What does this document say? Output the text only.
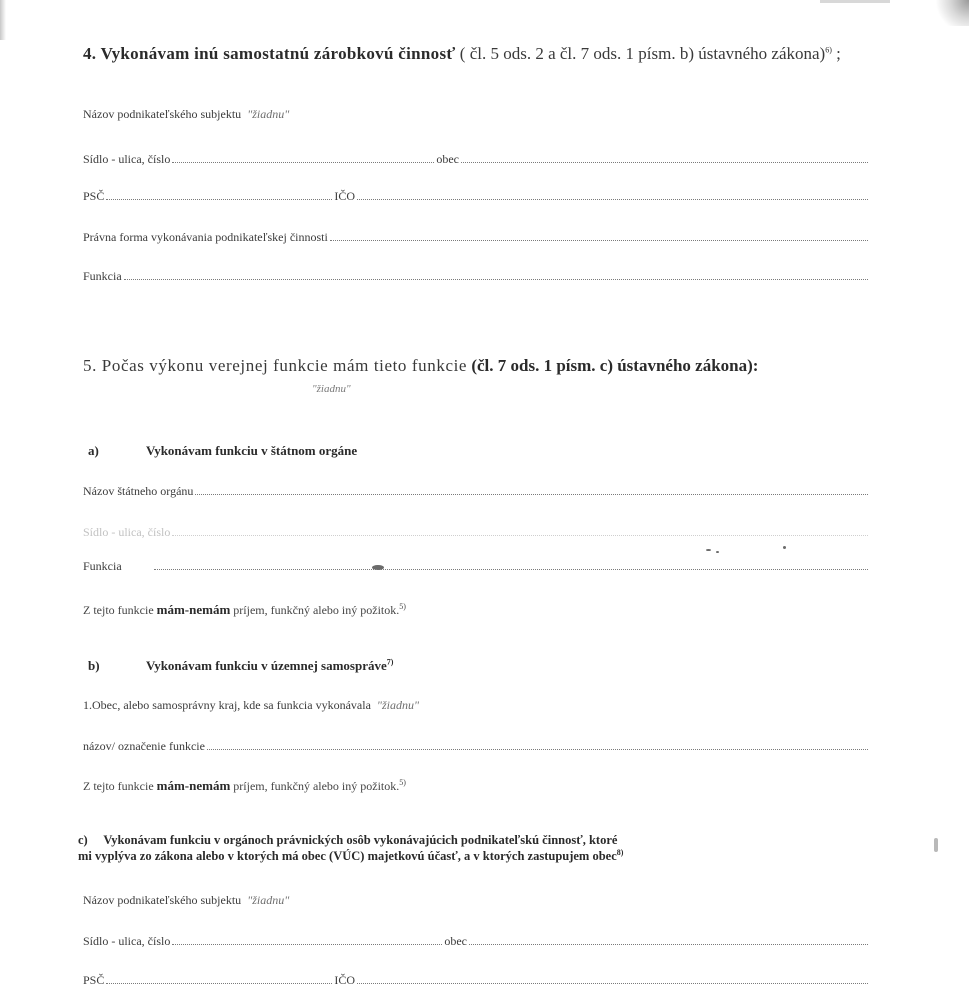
4. Vykonávam inú samostatnú zárobkovú činnosť ( čl. 5 ods. 2 a čl. 7 ods. 1 písm. b) ústavného zákona)$^{6)}$ ;
Názov podnikateľského subjektu "žiadnu"
Sídlo - ulica, číslo	obec
PSČ	IČO
Právna forma vykonávania podnikateľskej činnosti
Funkcia
5. Počas výkonu verejnej funkcie mám tieto funkcie (čl. 7 ods. 1 písm. c) ústavného zákona):
"žiadnu"
a)	Vykonávam funkciu v štátnom orgáne
Názov štátneho orgánu
Sídlo - ulica, číslo
Funkcia
Z tejto funkcie mám-nemám príjem, funkčný alebo iný požitok.$^{5)}$
b)	Vykonávam funkciu v územnej samospráve$^{7)}$
1.Obec, alebo samosprávny kraj, kde sa funkcia vykonávala "žiadnu"
názov/ označenie funkcie
Z tejto funkcie mám-nemám príjem, funkčný alebo iný požitok.$^{5)}$
c) Vykonávam funkciu v orgánoch právnických osôb vykonávajúcich podnikateľskú činnosť, ktoré
mi vyplýva zo zákona alebo v ktorých má obec (VÚC) majetkovú účasť, a v ktorých zastupujem obec$^{8)}$
Názov podnikateľského subjektu "žiadnu"
Sídlo - ulica, číslo	obec
PSČ	IČO
